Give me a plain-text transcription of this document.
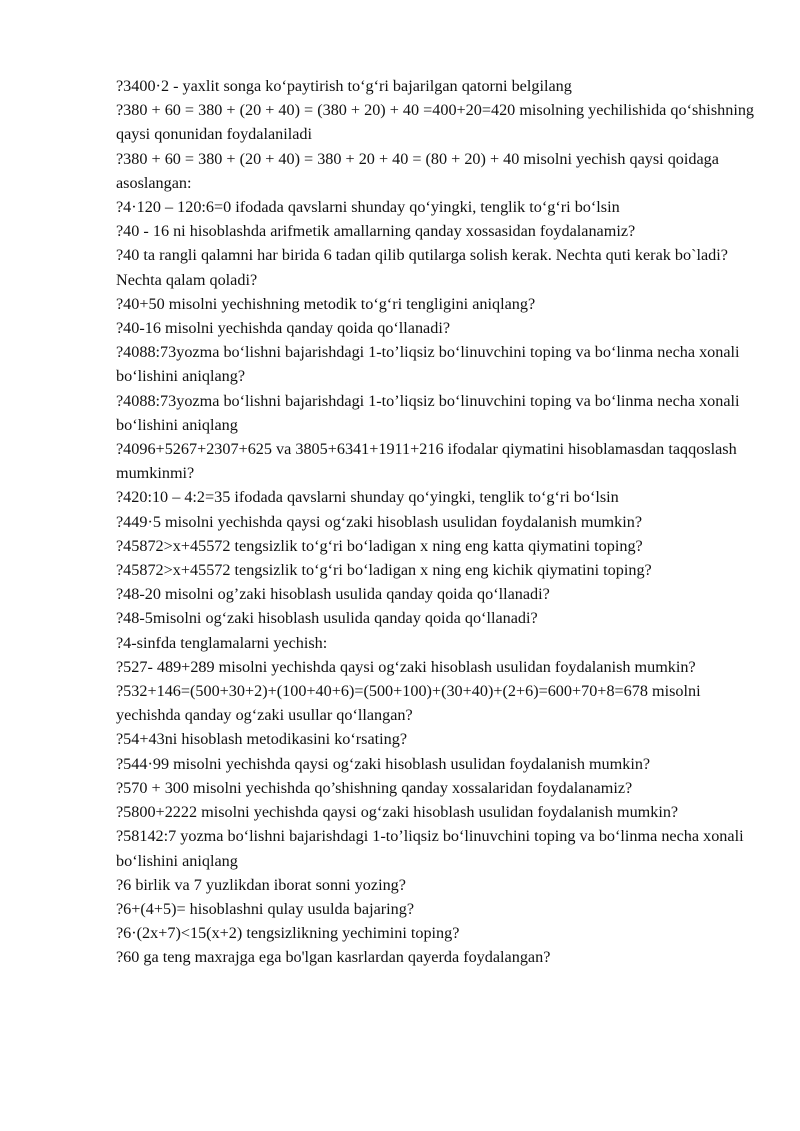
?3400·2 - yaxlit songa ko‘paytirish to‘g‘ri bajarilgan qatorni belgilang

?380 + 60 = 380 + (20 + 40) = (380 + 20) + 40 =400+20=420 misolning yechilishida qo‘shishning qaysi qonunidan foydalaniladi

?380 + 60 = 380 + (20 + 40) = 380 + 20 + 40 = (80 + 20) + 40 misolni yechish qaysi qoidaga asoslangan:

?4·120 – 120:6=0 ifodada qavslarni shunday qo‘yingki, tenglik to‘g‘ri bo‘lsin

?40 - 16 ni hisoblashda arifmetik amallarning qanday xossasidan foydalanamiz?

?40 ta rangli qalamni har birida 6 tadan qilib qutilarga solish kerak. Nechta quti kerak bo`ladi? Nechta qalam qoladi?

?40+50 misolni yechishning metodik to‘g‘ri tengligini aniqlang?

?40-16 misolni yechishda qanday qoida qo‘llanadi?

?4088:73yozma bo‘lishni bajarishdagi 1-to’liqsiz bo‘linuvchini toping va bo‘linma necha xonali bo‘lishini aniqlang?

?4088:73yozma bo‘lishni bajarishdagi 1-to’liqsiz bo‘linuvchini toping va bo‘linma necha xonali bo‘lishini aniqlang

?4096+5267+2307+625 va 3805+6341+1911+216 ifodalar qiymatini hisoblamasdan taqqoslash mumkinmi?

?420:10 – 4:2=35 ifodada qavslarni shunday qo‘yingki, tenglik to‘g‘ri bo‘lsin

?449·5 misolni yechishda qaysi og‘zaki hisoblash usulidan foydalanish mumkin?

?45872>x+45572 tengsizlik to‘g‘ri bo‘ladigan x ning eng katta qiymatini toping?

?45872>x+45572 tengsizlik to‘g‘ri bo‘ladigan x ning eng kichik qiymatini toping?

?48-20 misolni og’zaki hisoblash usulida qanday qoida qo‘llanadi?

?48-5misolni og‘zaki hisoblash usulida qanday qoida qo‘llanadi?

?4-sinfda tenglamalarni yechish:

?527- 489+289 misolni yechishda qaysi og‘zaki hisoblash usulidan foydalanish mumkin?

?532+146=(500+30+2)+(100+40+6)=(500+100)+(30+40)+(2+6)=600+70+8=678 misolni yechishda qanday og‘zaki usullar qo‘llangan?

?54+43ni hisoblash metodikasini ko‘rsating?

?544·99 misolni yechishda qaysi og‘zaki hisoblash usulidan foydalanish mumkin?

?570 + 300 misolni yechishda qo’shishning qanday xossalaridan foydalanamiz?

?5800+2222 misolni yechishda qaysi og‘zaki hisoblash usulidan foydalanish mumkin?

?58142:7 yozma bo‘lishni bajarishdagi 1-to’liqsiz bo‘linuvchini toping va bo‘linma necha xonali bo‘lishini aniqlang

?6 birlik va 7 yuzlikdan iborat sonni yozing?

?6+(4+5)= hisoblashni qulay usulda bajaring?

?6·(2x+7)<15(x+2) tengsizlikning yechimini toping?

?60 ga teng maxrajga ega bo'lgan kasrlardan qayerda foydalangan?
